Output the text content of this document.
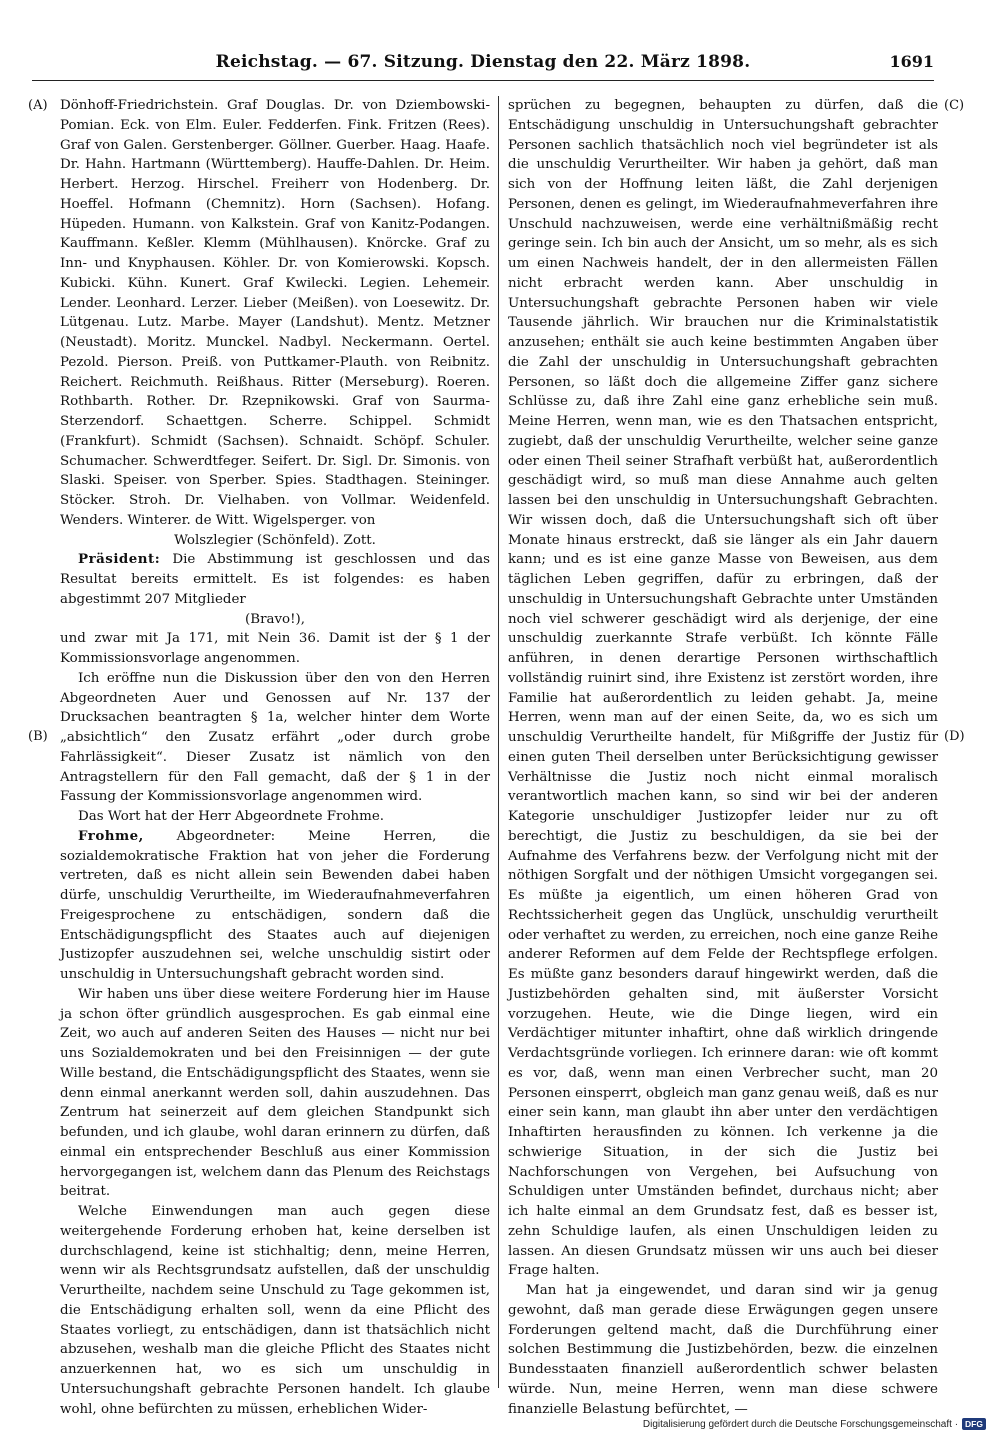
Reichstag. — 67. Sitzung. Dienstag den 22. März 1898.	1691
(A)
(B)
(C)
(D)

Dönhoff-Friedrichstein. Graf Douglas. Dr. von Dziembowski-Pomian. Eck. von Elm. Euler. Fedderfen. Fink. Fritzen (Rees). Graf von Galen. Gerstenberger. Göllner. Guerber. Haag. Haafe. Dr. Hahn. Hartmann (Württemberg). Hauffe-Dahlen. Dr. Heim. Herbert. Herzog. Hirschel. Freiherr von Hodenberg. Dr. Hoeffel. Hofmann (Chemnitz). Horn (Sachsen). Hofang. Hüpeden. Humann. von Kalkstein. Graf von Kanitz-Podangen. Kauffmann. Keßler. Klemm (Mühlhausen). Knörcke. Graf zu Inn- und Knyphausen. Köhler. Dr. von Komierowski. Kopsch. Kubicki. Kühn. Kunert. Graf Kwilecki. Legien. Lehemeir. Lender. Leonhard. Lerzer. Lieber (Meißen). von Loesewitz. Dr. Lütgenau. Lutz. Marbe. Mayer (Landshut). Mentz. Metzner (Neustadt). Moritz. Munckel. Nadbyl. Neckermann. Oertel. Pezold. Pierson. Preiß. von Puttkamer-Plauth. von Reibnitz. Reichert. Reichmuth. Reißhaus. Ritter (Merseburg). Roeren. Rothbarth. Rother. Dr. Rzepnikowski. Graf von Saurma-Sterzendorf. Schaettgen. Scherre. Schippel. Schmidt (Frankfurt). Schmidt (Sachsen). Schnaidt. Schöpf. Schuler. Schumacher. Schwerdtfeger. Seifert. Dr. Sigl. Dr. Simonis. von Slaski. Speiser. von Sperber. Spies. Stadthagen. Steininger. Stöcker. Stroh. Dr. Vielhaben. von Vollmar. Weidenfeld. Wenders. Winterer. de Witt. Wigelsperger. von

Wolszlegier (Schönfeld). Zott.

Präsident: Die Abstimmung ist geschlossen und das Resultat bereits ermittelt. Es ist folgendes: es haben abgestimmt 207 Mitglieder

(Bravo!),

und zwar mit Ja 171, mit Nein 36. Damit ist der § 1 der Kommissionsvorlage angenommen.

Ich eröffne nun die Diskussion über den von den Herren Abgeordneten Auer und Genossen auf Nr. 137 der Drucksachen beantragten § 1a, welcher hinter dem Worte „absichtlich“ den Zusatz erfährt „oder durch grobe Fahrlässigkeit“. Dieser Zusatz ist nämlich von den Antragstellern für den Fall gemacht, daß der § 1 in der Fassung der Kommissionsvorlage angenommen wird.

Das Wort hat der Herr Abgeordnete Frohme.

Frohme, Abgeordneter: Meine Herren, die sozialdemokratische Fraktion hat von jeher die Forderung vertreten, daß es nicht allein sein Bewenden dabei haben dürfe, unschuldig Verurtheilte, im Wiederaufnahmeverfahren Freigesprochene zu entschädigen, sondern daß die Entschädigungspflicht des Staates auch auf diejenigen Justizopfer auszudehnen sei, welche unschuldig sistirt oder unschuldig in Untersuchungshaft gebracht worden sind.

Wir haben uns über diese weitere Forderung hier im Hause ja schon öfter gründlich ausgesprochen. Es gab einmal eine Zeit, wo auch auf anderen Seiten des Hauses — nicht nur bei uns Sozialdemokraten und bei den Freisinnigen — der gute Wille bestand, die Entschädigungspflicht des Staates, wenn sie denn einmal anerkannt werden soll, dahin auszudehnen. Das Zentrum hat seinerzeit auf dem gleichen Standpunkt sich befunden, und ich glaube, wohl daran erinnern zu dürfen, daß einmal ein entsprechender Beschluß aus einer Kommission hervorgegangen ist, welchem dann das Plenum des Reichstags beitrat.

Welche Einwendungen man auch gegen diese weitergehende Forderung erhoben hat, keine derselben ist durchschlagend, keine ist stichhaltig; denn, meine Herren, wenn wir als Rechtsgrundsatz aufstellen, daß der unschuldig Verurtheilte, nachdem seine Unschuld zu Tage gekommen ist, die Entschädigung erhalten soll, wenn da eine Pflicht des Staates vorliegt, zu entschädigen, dann ist thatsächlich nicht abzusehen, weshalb man die gleiche Pflicht des Staates nicht anzuerkennen hat, wo es sich um unschuldig in Untersuchungshaft gebrachte Personen handelt. Ich glaube wohl, ohne befürchten zu müssen, erheblichen Wider-

sprüchen zu begegnen, behaupten zu dürfen, daß die Entschädigung unschuldig in Untersuchungshaft gebrachter Personen sachlich thatsächlich noch viel begründeter ist als die unschuldig Verurtheilter. Wir haben ja gehört, daß man sich von der Hoffnung leiten läßt, die Zahl derjenigen Personen, denen es gelingt, im Wiederaufnahmeverfahren ihre Unschuld nachzuweisen, werde eine verhältnißmäßig recht geringe sein. Ich bin auch der Ansicht, um so mehr, als es sich um einen Nachweis handelt, der in den allermeisten Fällen nicht erbracht werden kann. Aber unschuldig in Untersuchungshaft gebrachte Personen haben wir viele Tausende jährlich. Wir brauchen nur die Kriminalstatistik anzusehen; enthält sie auch keine bestimmten Angaben über die Zahl der unschuldig in Untersuchungshaft gebrachten Personen, so läßt doch die allgemeine Ziffer ganz sichere Schlüsse zu, daß ihre Zahl eine ganz erhebliche sein muß. Meine Herren, wenn man, wie es den Thatsachen entspricht, zugiebt, daß der unschuldig Verurtheilte, welcher seine ganze oder einen Theil seiner Strafhaft verbüßt hat, außerordentlich geschädigt wird, so muß man diese Annahme auch gelten lassen bei den unschuldig in Untersuchungshaft Gebrachten. Wir wissen doch, daß die Untersuchungshaft sich oft über Monate hinaus erstreckt, daß sie länger als ein Jahr dauern kann; und es ist eine ganze Masse von Beweisen, aus dem täglichen Leben gegriffen, dafür zu erbringen, daß der unschuldig in Untersuchungshaft Gebrachte unter Umständen noch viel schwerer geschädigt wird als derjenige, der eine unschuldig zuerkannte Strafe verbüßt. Ich könnte Fälle anführen, in denen derartige Personen wirthschaftlich vollständig ruinirt sind, ihre Existenz ist zerstört worden, ihre Familie hat außerordentlich zu leiden gehabt. Ja, meine Herren, wenn man auf der einen Seite, da, wo es sich um unschuldig Verurtheilte handelt, für Mißgriffe der Justiz für einen guten Theil derselben unter Berücksichtigung gewisser Verhältnisse die Justiz noch nicht einmal moralisch verantwortlich machen kann, so sind wir bei der anderen Kategorie unschuldiger Justizopfer leider nur zu oft berechtigt, die Justiz zu beschuldigen, da sie bei der Aufnahme des Verfahrens bezw. der Verfolgung nicht mit der nöthigen Sorgfalt und der nöthigen Umsicht vorgegangen sei. Es müßte ja eigentlich, um einen höheren Grad von Rechtssicherheit gegen das Unglück, unschuldig verurtheilt oder verhaftet zu werden, zu erreichen, noch eine ganze Reihe anderer Reformen auf dem Felde der Rechtspflege erfolgen. Es müßte ganz besonders darauf hingewirkt werden, daß die Justizbehörden gehalten sind, mit äußerster Vorsicht vorzugehen. Heute, wie die Dinge liegen, wird ein Verdächtiger mitunter inhaftirt, ohne daß wirklich dringende Verdachtsgründe vorliegen. Ich erinnere daran: wie oft kommt es vor, daß, wenn man einen Verbrecher sucht, man 20 Personen einsperrt, obgleich man ganz genau weiß, daß es nur einer sein kann, man glaubt ihn aber unter den verdächtigen Inhaftirten herausfinden zu können. Ich verkenne ja die schwierige Situation, in der sich die Justiz bei Nachforschungen von Vergehen, bei Aufsuchung von Schuldigen unter Umständen befindet, durchaus nicht; aber ich halte einmal an dem Grundsatz fest, daß es besser ist, zehn Schuldige laufen, als einen Unschuldigen leiden zu lassen. An diesen Grundsatz müssen wir uns auch bei dieser Frage halten.

Man hat ja eingewendet, und daran sind wir ja genug gewohnt, daß man gerade diese Erwägungen gegen unsere Forderungen geltend macht, daß die Durchführung einer solchen Bestimmung die Justizbehörden, bezw. die einzelnen Bundesstaaten finanziell außerordentlich schwer belasten würde. Nun, meine Herren, wenn man diese schwere finanzielle Belastung befürchtet, —

Digitalisierung gefördert durch die Deutsche Forschungsgemeinschaft · DFG
